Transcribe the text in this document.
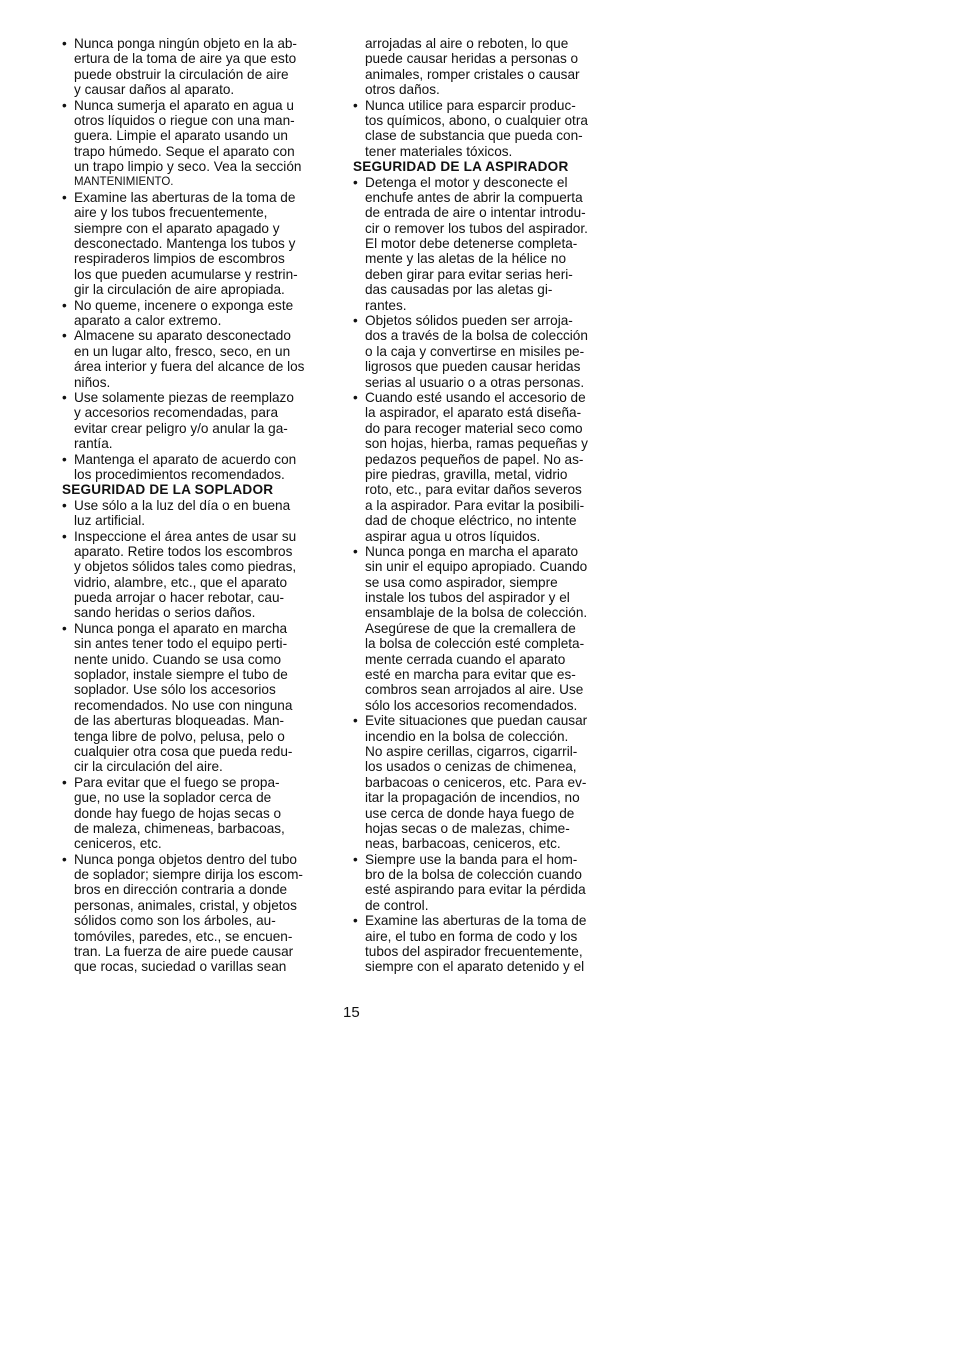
• Nunca ponga ningún objeto en la ab-
ertura de la toma de aire ya que esto
puede obstruir la circulación de aire
y causar daños al aparato.
• Nunca sumerja el aparato en agua u
otros líquidos o riegue con una man-
guera. Limpie el aparato usando un
trapo húmedo. Seque el aparato con
un trapo limpio y seco. Vea la sección
MANTENIMIENTO.
• Examine las aberturas de la toma de
aire y los tubos frecuentemente,
siempre con el aparato apagado y
desconectado. Mantenga los tubos y
respiraderos limpios de escombros
los que pueden acumularse y restrin-
gir la circulación de aire apropiada.
• No queme, incenere o exponga este
aparato a calor extremo.
• Almacene su aparato desconectado
en un lugar alto, fresco, seco, en un
área interior y fuera del alcance de los
niños.
• Use solamente piezas de reemplazo
y accesorios recomendadas, para
evitar crear peligro y/o anular la ga-
rantía.
• Mantenga el aparato de acuerdo con
los procedimientos recomendados.
SEGURIDAD DE LA SOPLADOR
• Use sólo a la luz del día o en buena
luz artificial.
• Inspeccione el área antes de usar su
aparato. Retire todos los escombros
y objetos sólidos tales como piedras,
vidrio, alambre, etc., que el aparato
pueda arrojar o hacer rebotar, cau-
sando heridas o serios daños.
• Nunca ponga el aparato en marcha
sin antes tener todo el equipo perti-
nente unido. Cuando se usa como
soplador, instale siempre el tubo de
soplador. Use sólo los accesorios
recomendados. No use con ninguna
de las aberturas bloqueadas. Man-
tenga libre de polvo, pelusa, pelo o
cualquier otra cosa que pueda redu-
cir la circulación del aire.
• Para evitar que el fuego se propa-
gue, no use la soplador cerca de
donde hay fuego de hojas secas o
de maleza, chimeneas, barbacoas,
ceniceros, etc.
• Nunca ponga objetos dentro del tubo
de soplador; siempre dirija los escom-
bros en dirección contraria a donde
personas, animales, cristal, y objetos
sólidos como son los árboles, au-
tomóviles, paredes, etc., se encuen-
tran. La fuerza de aire puede causar
que rocas, suciedad o varillas sean
arrojadas al aire o reboten, lo que
puede causar heridas a personas o
animales, romper cristales o causar
otros daños.
• Nunca utilice para esparcir produc-
tos químicos, abono, o cualquier otra
clase de substancia que pueda con-
tener materiales tóxicos.
SEGURIDAD DE LA ASPIRADOR
• Detenga el motor y desconecte el
enchufe antes de abrir la compuerta
de entrada de aire o intentar introdu-
cir o remover los tubos del aspirador.
El motor debe detenerse completa-
mente y las aletas de la hélice no
deben girar para evitar serias heri-
das causadas por las aletas gi-
rantes.
• Objetos sólidos pueden ser arroja-
dos a través de la bolsa de colección
o la caja y convertirse en misiles pe-
ligrosos que pueden causar heridas
serias al usuario o a otras personas.
• Cuando esté usando el accesorio de
la aspirador, el aparato está diseña-
do para recoger material seco como
son hojas, hierba, ramas pequeñas y
pedazos pequeños de papel. No as-
pire piedras, gravilla, metal, vidrio
roto, etc., para evitar daños severos
a la aspirador. Para evitar la posibili-
dad de choque eléctrico, no intente
aspirar agua u otros líquidos.
• Nunca ponga en marcha el aparato
sin unir el equipo apropiado. Cuando
se usa como aspirador, siempre
instale los tubos del aspirador y el
ensamblaje de la bolsa de colección.
Asegúrese de que la cremallera de
la bolsa de colección esté completa-
mente cerrada cuando el aparato
esté en marcha para evitar que es-
combros sean arrojados al aire. Use
sólo los accesorios recomendados.
• Evite situaciones que puedan causar
incendio en la bolsa de colección.
No aspire cerillas, cigarros, cigarril-
los usados o cenizas de chimenea,
barbacoas o ceniceros, etc. Para ev-
itar la propagación de incendios, no
use cerca de donde haya fuego de
hojas secas o de malezas, chime-
neas, barbacoas, ceniceros, etc.
• Siempre use la banda para el hom-
bro de la bolsa de colección cuando
esté aspirando para evitar la pérdida
de control.
• Examine las aberturas de la toma de
aire, el tubo en forma de codo y los
tubos del aspirador frecuentemente,
siempre con el aparato detenido y el
15
